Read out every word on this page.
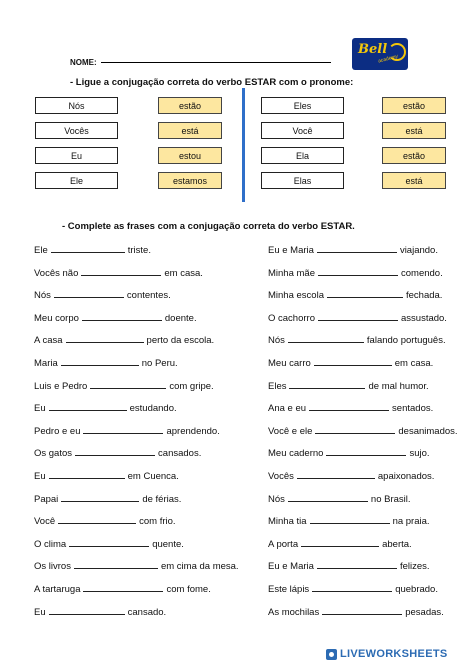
NOME:
Bell
academy
- Ligue a conjugação correta do verbo ESTAR com o pronome:
Nós
Vocês
Eu
Ele
estão
está
estou
estamos
Eles
Você
Ela
Elas
estão
está
estão
está
- Complete as frases com a conjugação correta do verbo ESTAR.
Ele	triste.
Vocês não	em casa.
Nós	contentes.
Meu corpo	doente.
A casa	perto da escola.
Maria	no Peru.
Luis e Pedro	com gripe.
Eu	estudando.
Pedro e eu	aprendendo.
Os gatos	cansados.
Eu	em Cuenca.
Papai	de férias.
Você	com frio.
O clima	quente.
Os livros	em cima da mesa.
A tartaruga	com fome.
Eu	cansado.
Eu e Maria	viajando.
Minha mãe	comendo.
Minha escola	fechada.
O cachorro	assustado.
Nós	falando português.
Meu carro	em casa.
Eles	de mal humor.
Ana e eu	sentados.
Você e ele	desanimados.
Meu caderno	sujo.
Vocês	apaixonados.
Nós	no Brasil.
Minha tia	na praia.
A porta	aberta.
Eu e Maria	felizes.
Este lápis	quebrado.
As mochilas	pesadas.
LIVEWORKSHEETS
